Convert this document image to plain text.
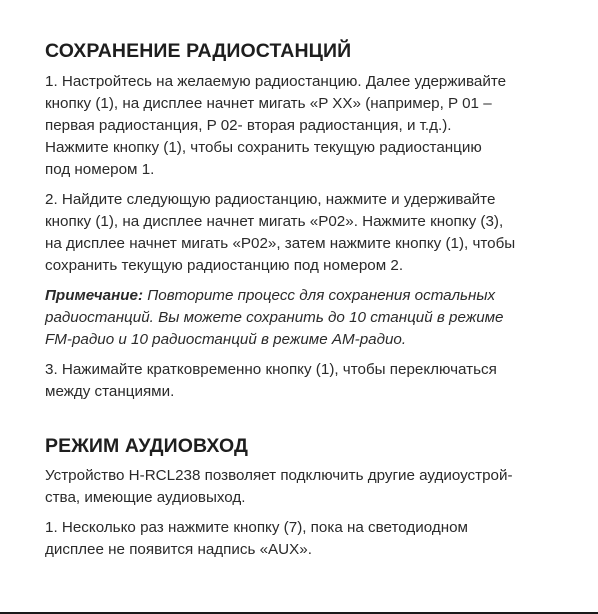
СОХРАНЕНИЕ РАДИОСТАНЦИЙ

1. Настройтесь на желаемую радиостанцию. Далее удерживайте
кнопку (1), на дисплее начнет мигать «P XX» (например, P 01 –
первая радиостанция, P 02- вторая радиостанция, и т.д.).
Нажмите кнопку (1), чтобы сохранить текущую радиостанцию
под номером 1.

2. Найдите следующую радиостанцию, нажмите и удерживайте
кнопку (1), на дисплее начнет мигать «P02». Нажмите кнопку (3),
на дисплее начнет мигать «P02», затем нажмите кнопку (1), чтобы
сохранить текущую радиостанцию под номером 2.

Примечание: Повторите процесс для сохранения остальных
радиостанций. Вы можете сохранить до 10 станций в режиме
FM-радио и 10 радиостанций в режиме AM-радио.

3. Нажимайте кратковременно кнопку (1), чтобы переключаться
между станциями.

РЕЖИМ АУДИОВХОД

Устройство H-RCL238 позволяет подключить другие аудиоустрой-
ства, имеющие аудиовыход.

1. Несколько раз нажмите кнопку (7), пока на светодиодном
дисплее не появится надпись «AUX».
